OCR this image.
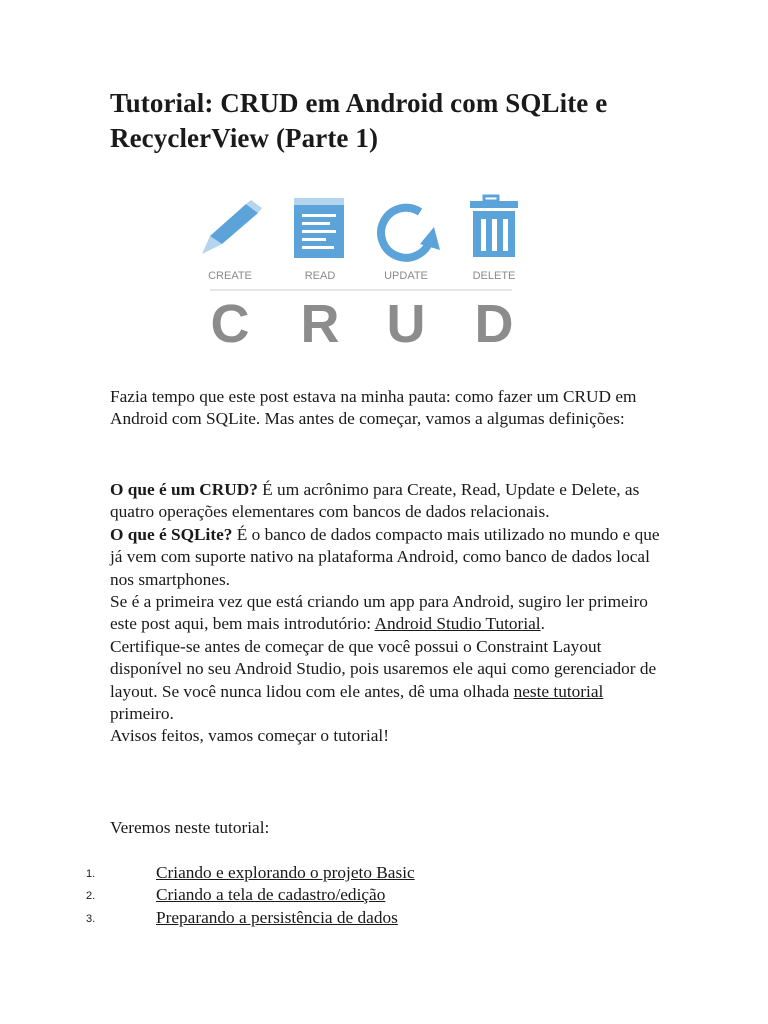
Tutorial: CRUD em Android com SQLite e RecyclerView (Parte 1)
CREATE	READ	UPDATE	DELETE
C R U D

Fazia tempo que este post estava na minha pauta: como fazer um CRUD em Android com SQLite. Mas antes de começar, vamos a algumas definições:

O que é um CRUD? É um acrônimo para Create, Read, Update e Delete, as quatro operações elementares com bancos de dados relacionais.

O que é SQLite? É o banco de dados compacto mais utilizado no mundo e que já vem com suporte nativo na plataforma Android, como banco de dados local nos smartphones.

Se é a primeira vez que está criando um app para Android, sugiro ler primeiro este post aqui, bem mais introdutório: Android Studio Tutorial.

Certifique-se antes de começar de que você possui o Constraint Layout disponível no seu Android Studio, pois usaremos ele aqui como gerenciador de layout. Se você nunca lidou com ele antes, dê uma olhada neste tutorial primeiro.

Avisos feitos, vamos começar o tutorial!

Veremos neste tutorial:

1.	Criando e explorando o projeto Basic
2.	Criando a tela de cadastro/edição
3.	Preparando a persistência de dados
